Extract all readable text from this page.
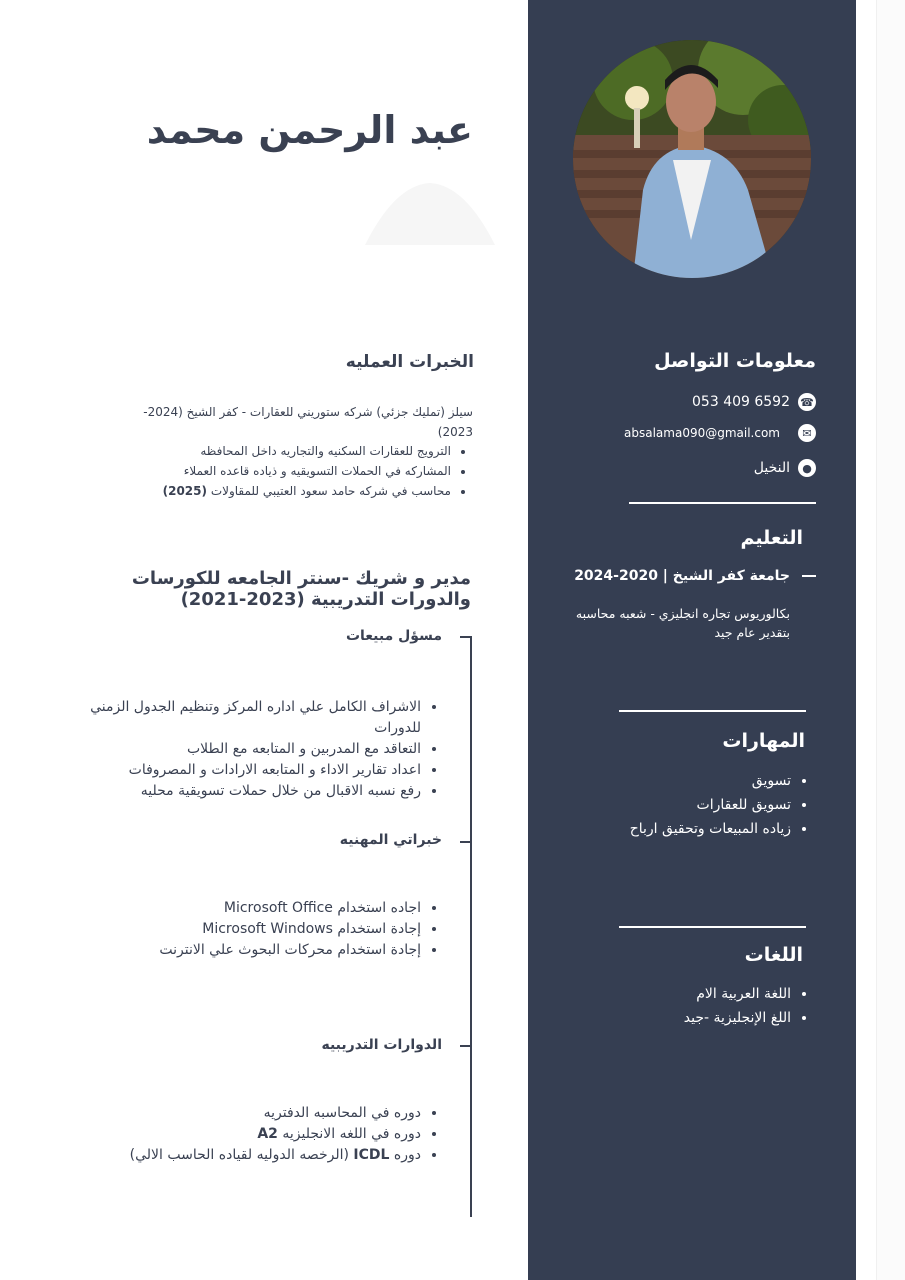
عبد الرحمن محمد
معلومات التواصل
☎
053 409 6592
✉
absalama090@gmail.com
●
النخيل
التعليم
جامعة كفر الشيخ | 2020-2024
بكالوريوس تجاره انجليزي - شعبه محاسبه
بتقدير عام جيد
المهارات
• تسويق
• تسويق للعقارات
• زياده المبيعات وتحقيق ارباح
اللغات
• اللغة العربية الام
• اللغ الإنجليزية -جيد
الخبرات العمليه
سيلز (تمليك جزئي) شركه ستوريني للعقارات - كفر الشيخ (2024-
2023)
• الترويج للعقارات السكنيه والتجاريه داخل المحافظه
• المشاركه في الحملات التسويقيه و ذياده قاعده العملاء
• محاسب في شركه حامد سعود العتيبي للمقاولات (2025)
مدير و شريك -سنتر الجامعه للكورسات
والدورات التدريبية (2023-2021)
مسؤل مبيعات
• الاشراف الكامل علي اداره المركز وتنظيم الجدول الزمني للدورات
• التعاقد مع المدربين و المتابعه مع الطلاب
• اعداد تقارير الاداء و المتابعه الارادات و المصروفات
• رفع نسبه الاقبال من خلال حملات تسويقية محليه
خبراتي المهنيه
• اجاده استخدام Microsoft Office
• إجادة استخدام Microsoft Windows
• إجادة استخدام محركات البحوث علي الانترنت
الدوارات التدريبيه
• دوره في المحاسبه الدفتريه
• دوره في اللغه الانجليزيه A2
• دوره ICDL (الرخصه الدوليه لقياده الحاسب الالي)
